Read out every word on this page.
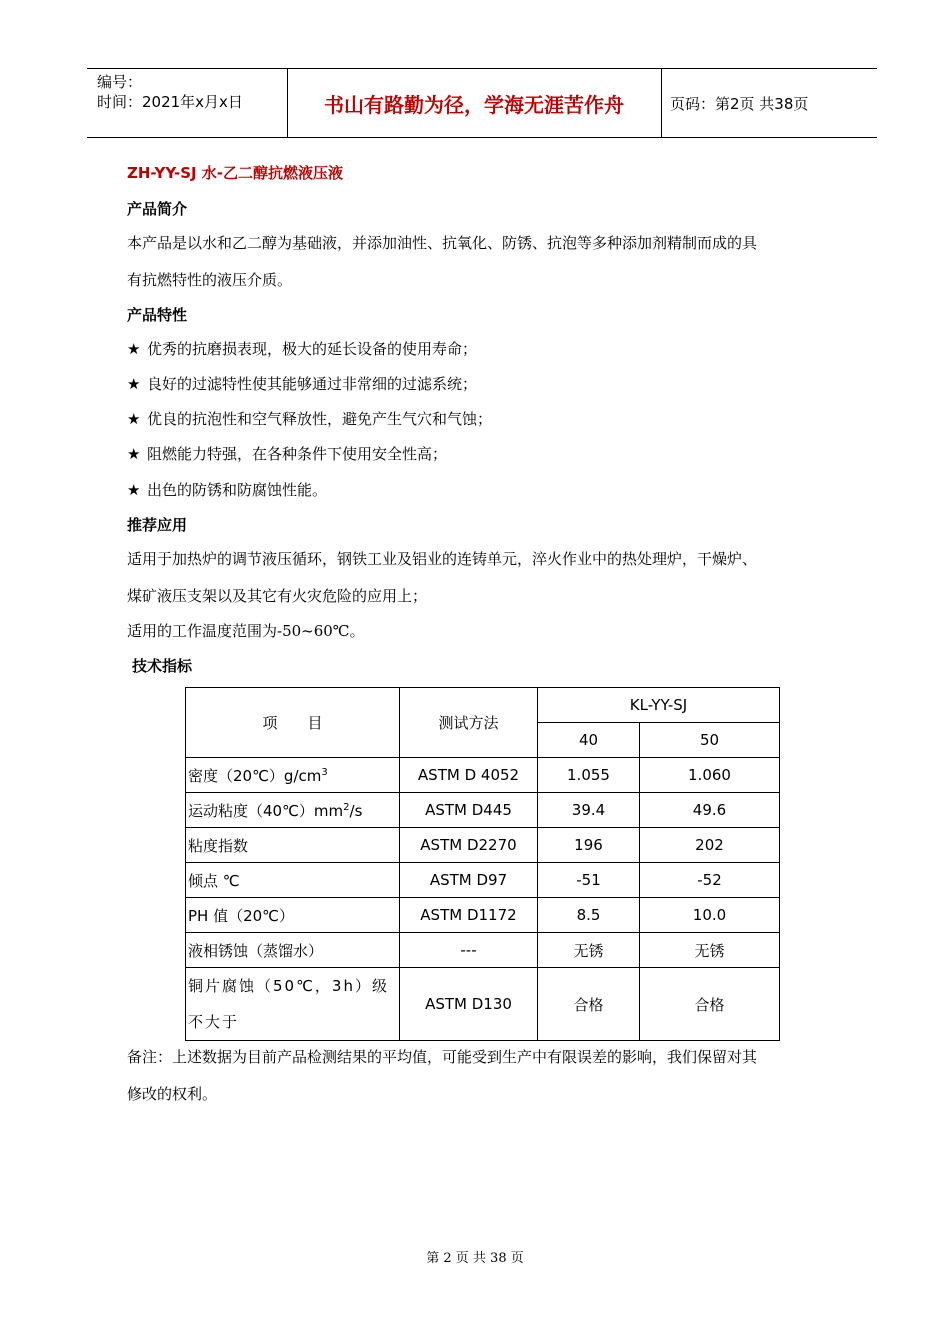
编号：
时间：2021年x月x日	书山有路勤为径，学海无涯苦作舟	页码：第2页 共38页
ZH-YY-SJ 水-乙二醇抗燃液压液
产品简介
本产品是以水和乙二醇为基础液，并添加油性、抗氧化、防锈、抗泡等多种添加剂精制而成的具
有抗燃特性的液压介质。
产品特性
★ 优秀的抗磨损表现，极大的延长设备的使用寿命；
★ 良好的过滤特性使其能够通过非常细的过滤系统；
★ 优良的抗泡性和空气释放性，避免产生气穴和气蚀；
★ 阻燃能力特强，在各种条件下使用安全性高；
★ 出色的防锈和防腐蚀性能。
推荐应用
适用于加热炉的调节液压循环，钢铁工业及铝业的连铸单元，淬火作业中的热处理炉，干燥炉、
煤矿液压支架以及其它有火灾危险的应用上；
适用的工作温度范围为-50~60℃。
技术指标
项　　目	测试方法	KL-YY-SJ	
		40	50
密度$(20℃)g/cm^3$	ASTM D 4052	1.055	1.060
运动粘度$(40℃)mm^2/s$	ASTM D445	39.4	49.6
粘度指数	ASTM D2270	196	202
倾点 ℃	ASTM D97	-51	-52
PH 值（20℃）	ASTM D1172	8.5	10.0
液相锈蚀（蒸馏水）	---	无锈	无锈

铜片腐蚀（50℃，3h）级不大于	ASTM D130	合格	合格
备注：上述数据为目前产品检测结果的平均值，可能受到生产中有限误差的影响，我们保留对其
修改的权利。
第 2 页 共 38 页
